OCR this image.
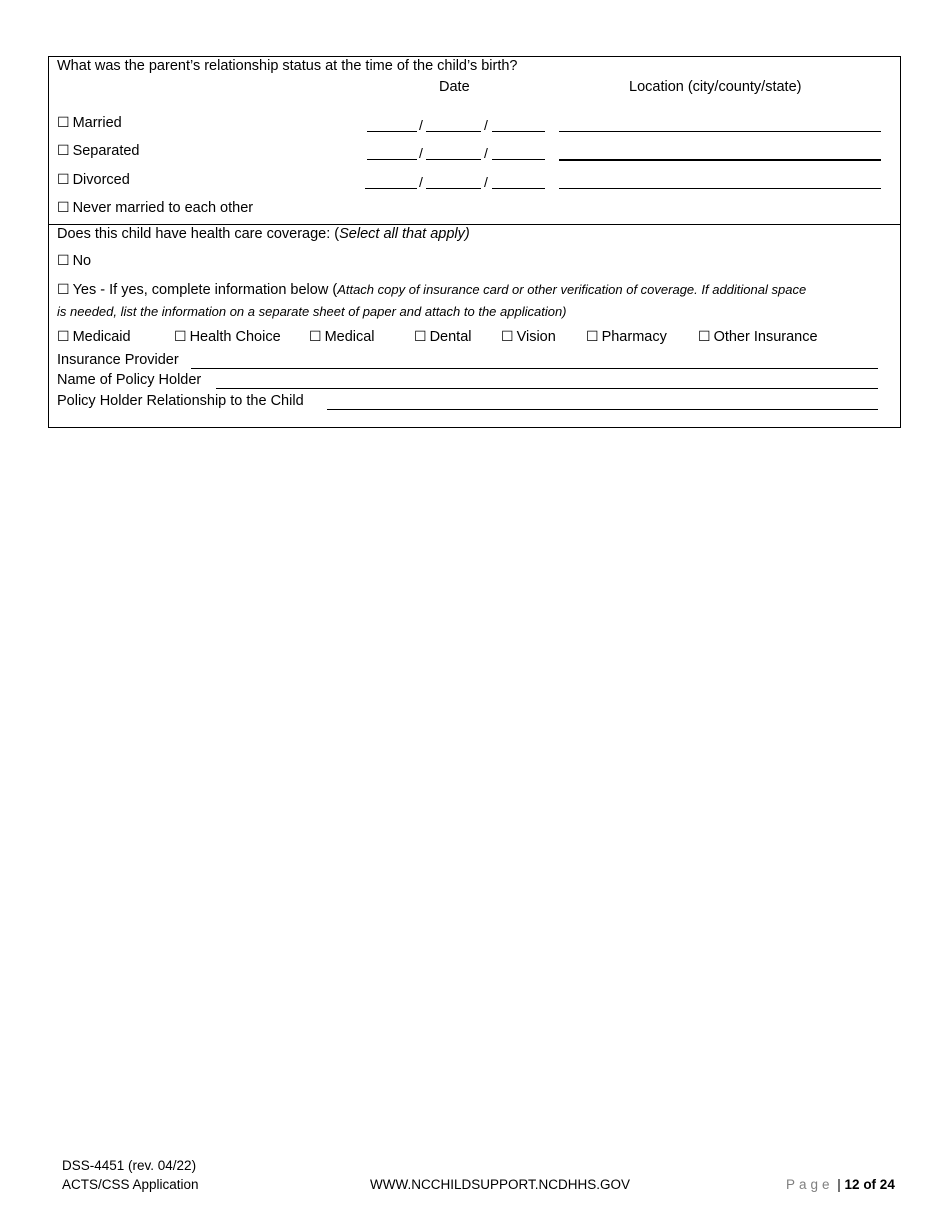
What was the parent’s relationship status at the time of the child’s birth?
Date	Location (city/county/state)
☐ Married	/	/
☐ Separated	/	/
☐ Divorced	/	/
☐ Never married to each other
Does this child have health care coverage: (Select all that apply)
☐ No
☐ Yes - If yes, complete information below (Attach copy of insurance card or other verification of coverage. If additional space
is needed, list the information on a separate sheet of paper and attach to the application)
☐ Medicaid	☐ Health Choice ☐ Medical	☐ Dental ☐ Vision ☐ Pharmacy ☐ Other Insurance
Insurance Provider
Name of Policy Holder
Policy Holder Relationship to the Child
DSS-4451 (rev. 04/22)
ACTS/CSS Application	WWW.NCCHILDSUPPORT.NCDHHS.GOV	Page | 12 of 24
